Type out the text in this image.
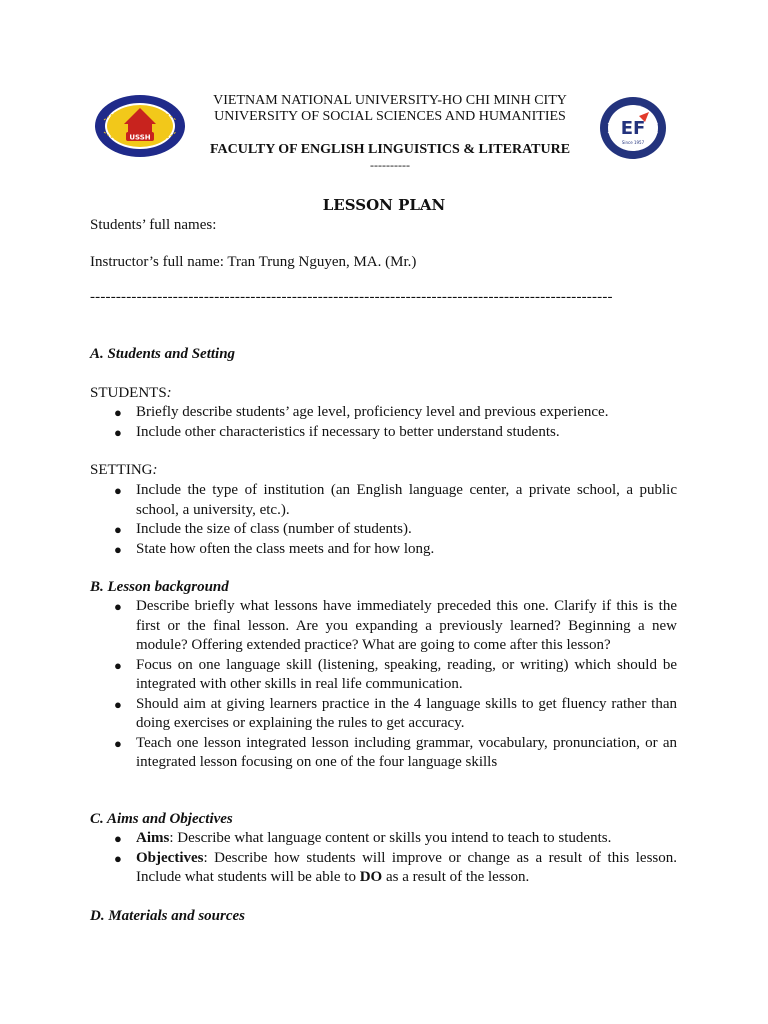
USSH	EF
Since 1957
VIETNAM NATIONAL UNIVERSITY-HO CHI MINH CITY
UNIVERSITY OF SOCIAL SCIENCES AND HUMANITIES
FACULTY OF ENGLISH LINGUISTICS & LITERATURE
----------
LESSON PLAN
Students’ full names:
Instructor’s full name: Tran Trung Nguyen, MA. (Mr.)
-----------------------------------------------------------------------------------------------------
A. Students and Setting
STUDENTS:
● Briefly describe students’ age level, proficiency level and previous experience.
● Include other characteristics if necessary to better understand students.
SETTING:
● Include the type of institution (an English language center, a private school, a public school, a university, etc.).
● Include the size of class (number of students).
● State how often the class meets and for how long.
B. Lesson background
● Describe briefly what lessons have immediately preceded this one. Clarify if this is the first or the final lesson. Are you expanding a previously learned? Beginning a new module? Offering extended practice? What are going to come after this lesson?
● Focus on one language skill (listening, speaking, reading, or writing) which should be integrated with other skills in real life communication.
● Should aim at giving learners practice in the 4 language skills to get fluency rather than doing exercises or explaining the rules to get accuracy.
● Teach one lesson integrated lesson including grammar, vocabulary, pronunciation, or an integrated lesson focusing on one of the four language skills
C. Aims and Objectives
● Aims: Describe what language content or skills you intend to teach to students.
● Objectives: Describe how students will improve or change as a result of this lesson. Include what students will be able to DO as a result of the lesson.
D. Materials and sources
